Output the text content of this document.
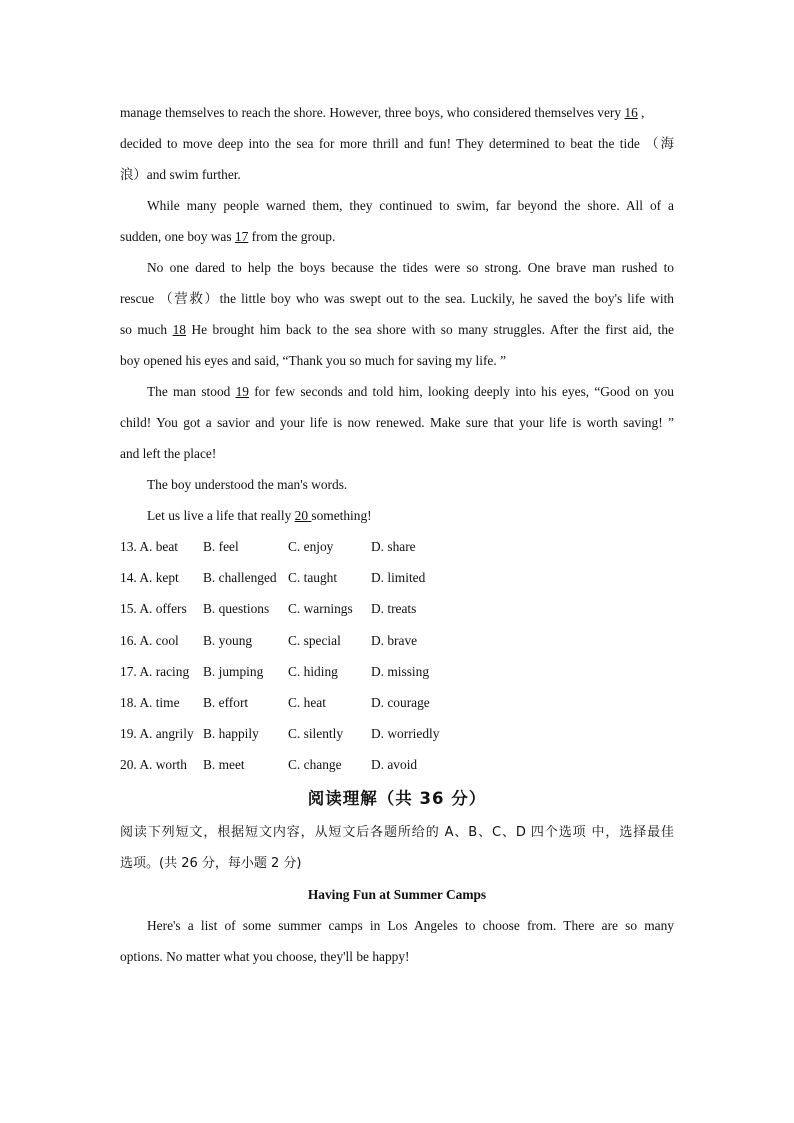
manage themselves to reach the shore. However, three boys, who considered themselves very 16 ,
decided to move deep into the sea for more thrill and fun! They determined to beat the tide （海
浪）and swim further.
While many people warned them, they continued to swim, far beyond the shore. All of a
sudden, one boy was 17 from the group.
No one dared to help the boys because the tides were so strong. One brave man rushed to
rescue （营救）the little boy who was swept out to the sea. Luckily, he saved the boy's life with
so much 18 He brought him back to the sea shore with so many struggles. After the first aid, the
boy opened his eyes and said, “Thank you so much for saving my life. ”
The man stood 19 for few seconds and told him, looking deeply into his eyes, “Good on you
child! You got a savior and your life is now renewed. Make sure that your life is worth saving! ”
and left the place!
The boy understood the man's words.
Let us live a life that really 20 something!
13. A. beat	B. feel	C. enjoy	D. share
14. A. kept	B. challenged C. taught	D. limited
15. A. offers	B. questions	C. warnings	D. treats
16. A. cool	B. young	C. special	D. brave
17. A. racing	B. jumping	C. hiding	D. missing
18. A. time	B. effort	C. heat	D. courage
19. A. angrily B. happily	C. silently	D. worriedly
20. A. worth	B. meet	C. change	D. avoid
阅读理解（共 36 分）
阅读下列短文，根据短文内容，从短文后各题所给的 A、B、C、D 四个选项 中，选择最佳
选项。(共 26 分，每小题 2 分)
Having Fun at Summer Camps
Here's a list of some summer camps in Los Angeles to choose from. There are so many
options. No matter what you choose, they'll be happy!
